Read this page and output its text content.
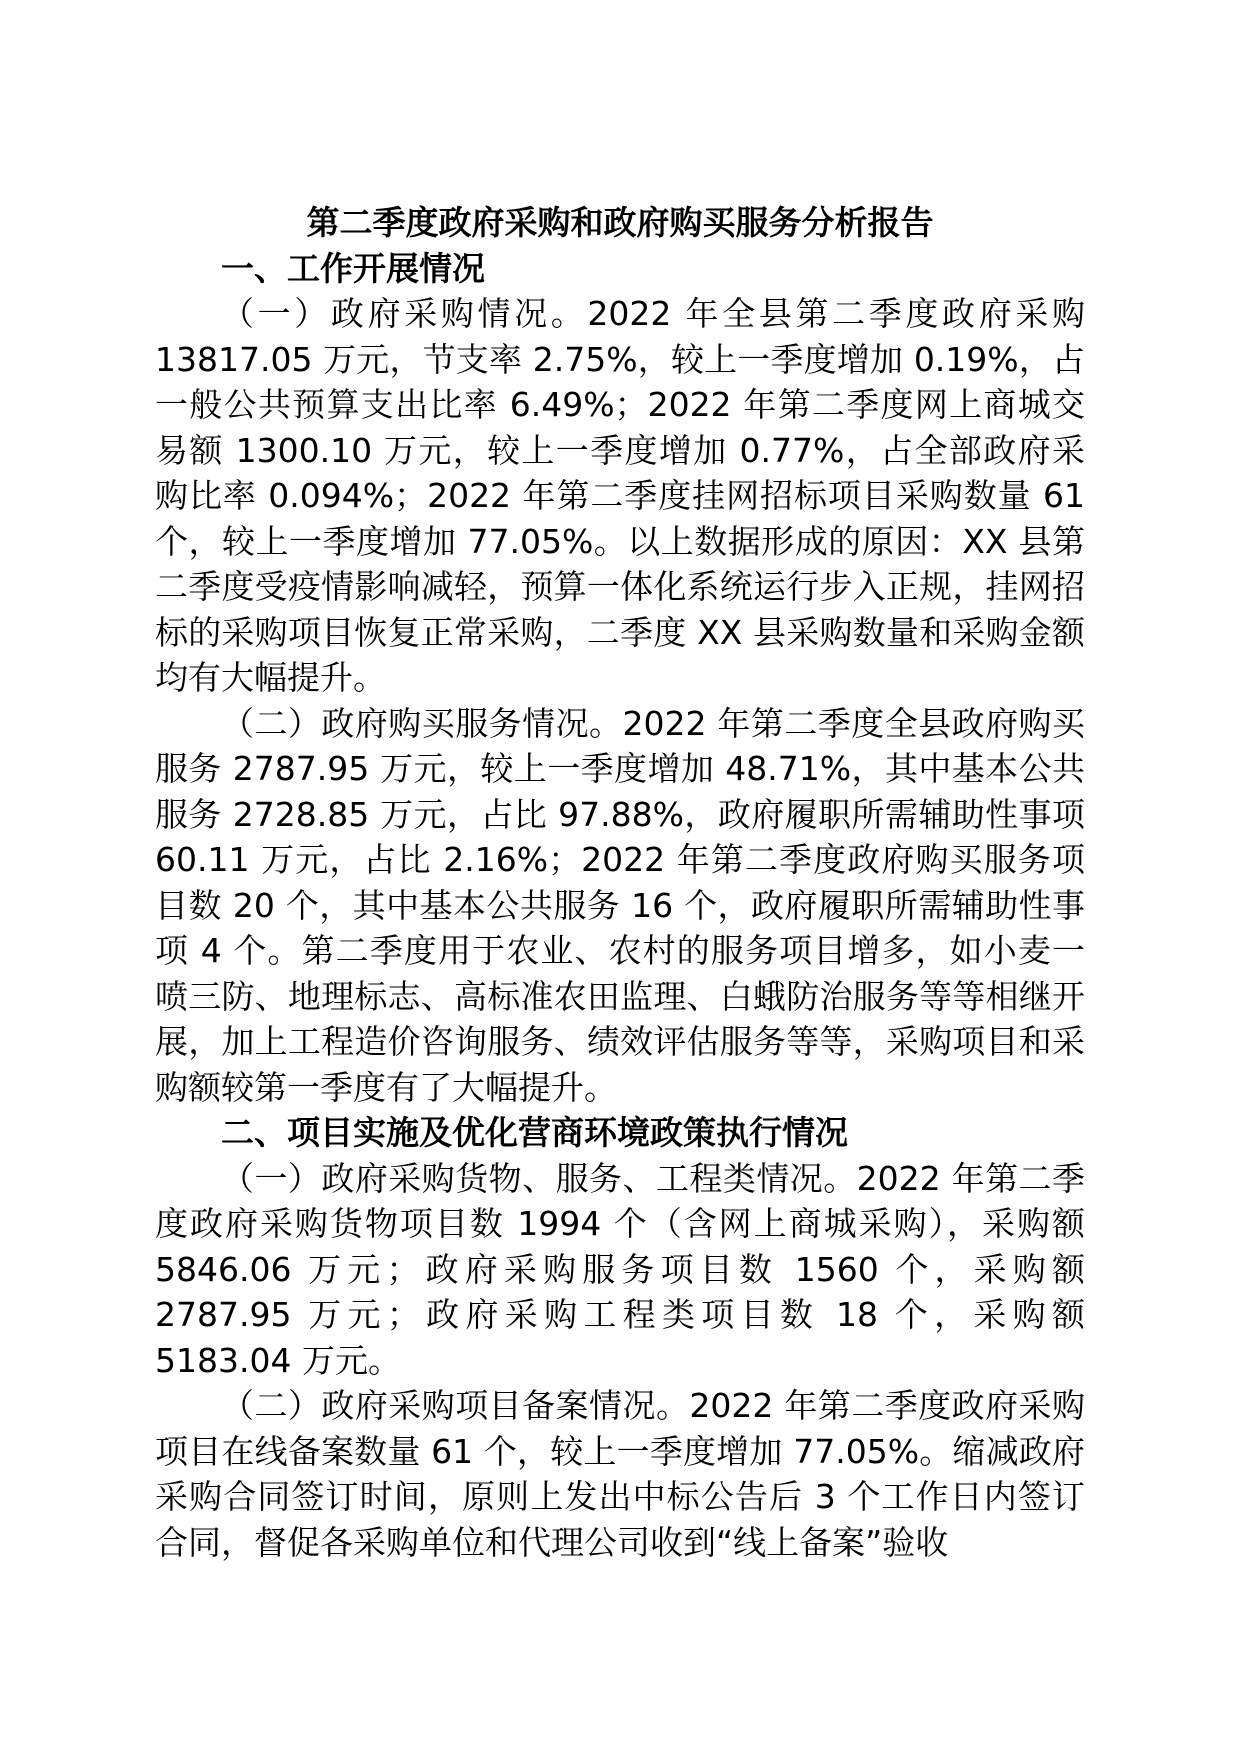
第二季度政府采购和政府购买服务分析报告

一、工作开展情况

（一）政府采购情况。2022 年全县第二季度政府采购 13817.05 万元，节支率 2.75%，较上一季度增加 0.19%，占一般公共预算支出比率 6.49%；2022 年第二季度网上商城交易额 1300.10 万元，较上一季度增加 0.77%，占全部政府采购比率 0.094%；2022 年第二季度挂网招标项目采购数量 61 个，较上一季度增加 77.05%。以上数据形成的原因：XX 县第二季度受疫情影响减轻，预算一体化系统运行步入正规，挂网招标的采购项目恢复正常采购，二季度 XX 县采购数量和采购金额均有大幅提升。

（二）政府购买服务情况。2022 年第二季度全县政府购买服务 2787.95 万元，较上一季度增加 48.71%，其中基本公共服务 2728.85 万元，占比 97.88%，政府履职所需辅助性事项 60.11 万元，占比 2.16%；2022 年第二季度政府购买服务项目数 20 个，其中基本公共服务 16 个，政府履职所需辅助性事项 4 个。第二季度用于农业、农村的服务项目增多，如小麦一喷三防、地理标志、高标准农田监理、白蛾防治服务等等相继开展，加上工程造价咨询服务、绩效评估服务等等，采购项目和采购额较第一季度有了大幅提升。

二、项目实施及优化营商环境政策执行情况

（一）政府采购货物、服务、工程类情况。2022 年第二季度政府采购货物项目数 1994 个（含网上商城采购），采购额 5846.06 万元；政府采购服务项目数 1560 个，采购额 2787.95 万元；政府采购工程类项目数 18 个，采购额 5183.04 万元。

（二）政府采购项目备案情况。2022 年第二季度政府采购项目在线备案数量 61 个，较上一季度增加 77.05%。缩减政府采购合同签订时间，原则上发出中标公告后 3 个工作日内签订合同，督促各采购单位和代理公司收到“线上备案”验收
